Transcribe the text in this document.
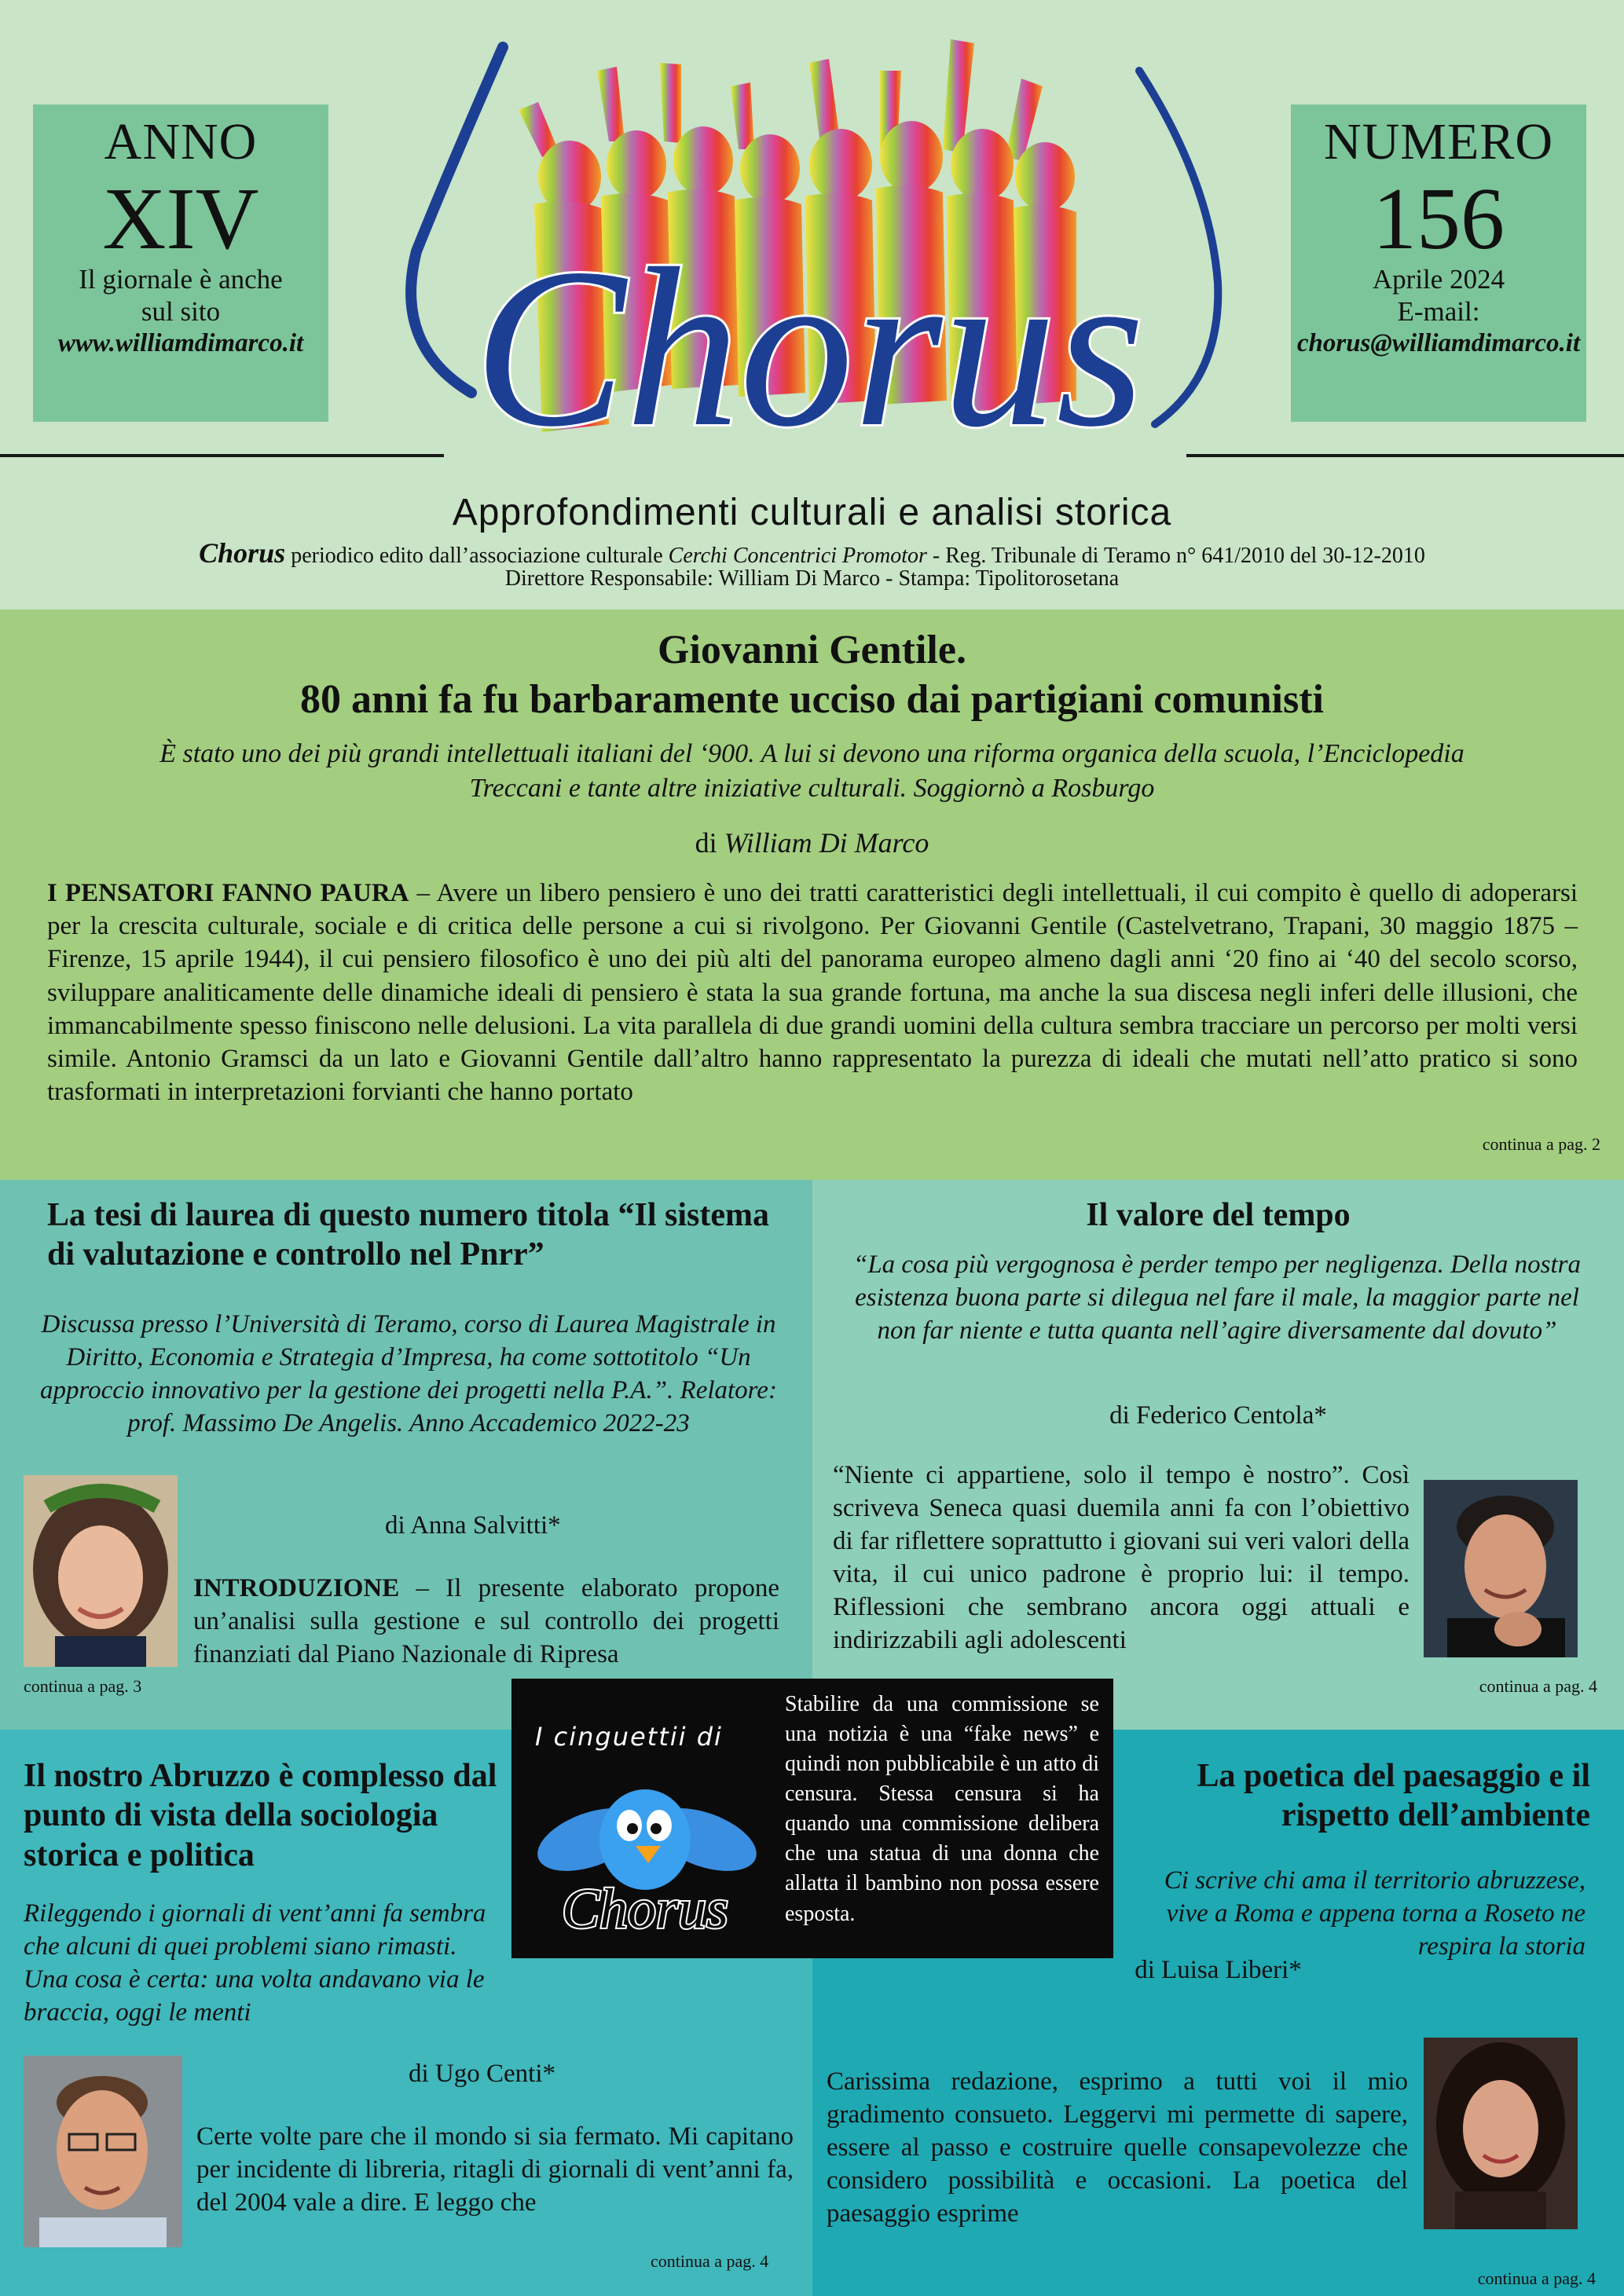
ANNO
XIV
Il giornale è anche
sul sito
www.williamdimarco.it
NUMERO
156
Aprile 2024
E-mail:
chorus@williamdimarco.it
Chorus
Approfondimenti culturali e analisi storica
Chorus periodico edito dall’associazione culturale Cerchi Concentrici Promotor - Reg. Tribunale di Teramo n° 641/2010 del 30-12-2010
Direttore Responsabile: William Di Marco - Stampa: Tipolitorosetana
Giovanni Gentile.
80 anni fa fu barbaramente ucciso dai partigiani comunisti
È stato uno dei più grandi intellettuali italiani del ‘900. A lui si devono una riforma organica della scuola, l’Enciclopedia
Treccani e tante altre iniziative culturali. Soggiornò a Rosburgo
di William Di Marco
I PENSATORI FANNO PAURA – Avere un libero pensiero è uno dei tratti caratteristici degli intellettuali, il cui compito è quello di adoperarsi per la crescita culturale, sociale e di critica delle persone a cui si rivolgono. Per Giovanni Gentile (Castelvetrano, Trapani, 30 maggio 1875 – Firenze, 15 aprile 1944), il cui pensiero filosofico è uno dei più alti del panorama europeo almeno dagli anni ‘20 fino ai ‘40 del secolo scorso, sviluppare analiticamente delle dinamiche ideali di pensiero è stata la sua grande fortuna, ma anche la sua discesa negli inferi delle illusioni, che immancabilmente spesso finiscono nelle delusioni. La vita parallela di due grandi uomini della cultura sembra tracciare un percorso per molti versi simile. Antonio Gramsci da un lato e Giovanni Gentile dall’altro hanno rappresentato la purezza di ideali che mutati nell’atto pratico si sono trasformati in interpretazioni forvianti che hanno portato
continua a pag. 2
La tesi di laurea di questo numero titola “Il sistema di valutazione e controllo nel Pnrr”
Discussa presso l’Università di Teramo, corso di Laurea Magistrale in Diritto, Economia e Strategia d’Impresa, ha come sottotitolo “Un approccio innovativo per la gestione dei progetti nella P.A.”. Relatore: prof. Massimo De Angelis. Anno Accademico 2022-23
di Anna Salvitti*
INTRODUZIONE – Il presente elaborato propone un’analisi sulla gestione e sul controllo dei progetti finanziati dal Piano Nazionale di Ripresa
continua a pag. 3
Il valore del tempo
“La cosa più vergognosa è perder tempo per negligenza. Della nostra esistenza buona parte si dilegua nel fare il male, la maggior parte nel non far niente e tutta quanta nell’agire diversamente dal dovuto”
di Federico Centola*
“Niente ci appartiene, solo il tempo è nostro”. Così scriveva Seneca quasi duemila anni fa con l’obiettivo di far riflettere soprattutto i giovani sui veri valori della vita, il cui unico padrone è proprio lui: il tempo. Riflessioni che sembrano ancora oggi attuali e indirizzabili agli adolescenti
continua a pag. 4
Il nostro Abruzzo è complesso dal punto di vista della sociologia storica e politica
Rileggendo i giornali di vent’anni fa sembra che alcuni di quei problemi siano rimasti. Una cosa è certa: una volta andavano via le braccia, oggi le menti
di Ugo Centi*
Certe volte pare che il mondo si sia fermato. Mi capitano per incidente di libreria, ritagli di giornali di vent’anni fa, del 2004 vale a dire. E leggo che
continua a pag. 4
La poetica del paesaggio e il rispetto dell’ambiente
Ci scrive chi ama il territorio abruzzese, vive a Roma e appena torna a Roseto ne respira la storia
di Luisa Liberi*
Carissima redazione, esprimo a tutti voi il mio gradimento consueto. Leggervi mi permette di sapere, essere al passo e costruire quelle consapevolezze che considero possibilità e occasioni. La poetica del paesaggio esprime
continua a pag. 4
I cinguettii di
Chorus
Stabilire da una commissione se una notizia è una “fake news” e quindi non pubblicabile è un atto di censura. Stessa censura si ha quando una commissione delibera che una statua di una donna che allatta il bambino non possa essere esposta.
